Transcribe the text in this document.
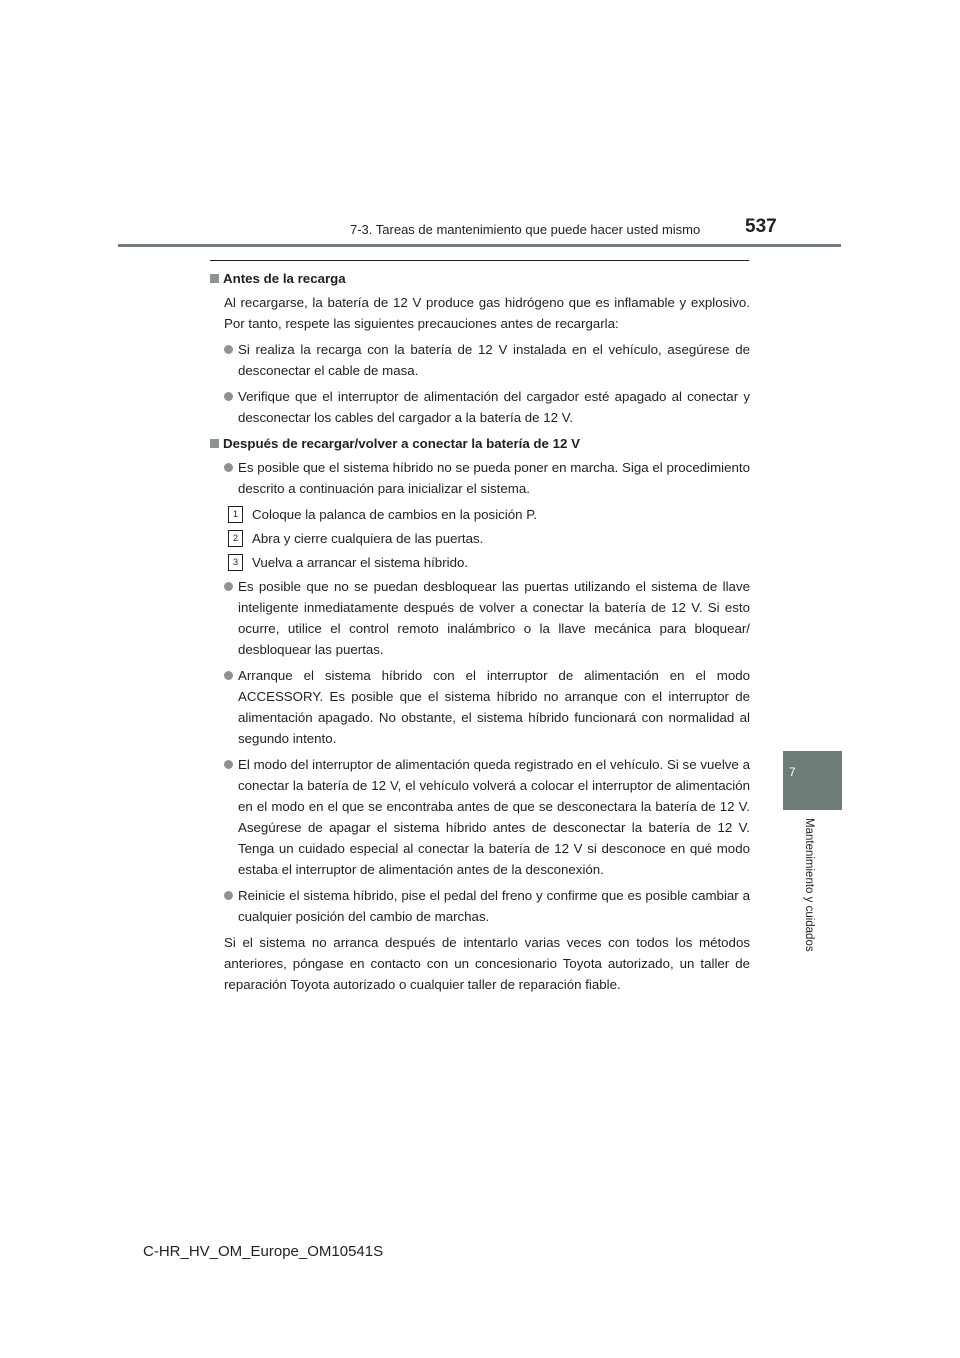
7-3. Tareas de mantenimiento que puede hacer usted mismo 537
7
Mantenimiento y cuidados
Antes de la recarga

Al recargarse, la batería de 12 V produce gas hidrógeno que es inflamable y explosivo. Por tanto, respete las siguientes precauciones antes de recargarla:

Si realiza la recarga con la batería de 12 V instalada en el vehículo, asegúrese de desconectar el cable de masa.
Verifique que el interruptor de alimentación del cargador esté apagado al conectar y desconectar los cables del cargador a la batería de 12 V.
Después de recargar/volver a conectar la batería de 12 V
Es posible que el sistema híbrido no se pueda poner en marcha. Siga el procedimiento descrito a continuación para inicializar el sistema.
1	Coloque la palanca de cambios en la posición P.
2	Abra y cierre cualquiera de las puertas.
3	Vuelva a arrancar el sistema híbrido.
Es posible que no se puedan desbloquear las puertas utilizando el sistema de llave inteligente inmediatamente después de volver a conectar la batería de 12 V. Si esto ocurre, utilice el control remoto inalámbrico o la llave mecánica para bloquear/ desbloquear las puertas.
Arranque el sistema híbrido con el interruptor de alimentación en el modo ACCESSORY. Es posible que el sistema híbrido no arranque con el interruptor de alimentación apagado. No obstante, el sistema híbrido funcionará con normalidad al segundo intento.
El modo del interruptor de alimentación queda registrado en el vehículo. Si se vuelve a conectar la batería de 12 V, el vehículo volverá a colocar el interruptor de alimentación en el modo en el que se encontraba antes de que se desconectara la batería de 12 V. Asegúrese de apagar el sistema híbrido antes de desconectar la batería de 12 V. Tenga un cuidado especial al conectar la batería de 12 V si desconoce en qué modo estaba el interruptor de alimentación antes de la desconexión.
Reinicie el sistema híbrido, pise el pedal del freno y confirme que es posible cambiar a cualquier posición del cambio de marchas.

Si el sistema no arranca después de intentarlo varias veces con todos los métodos anteriores, póngase en contacto con un concesionario Toyota autorizado, un taller de reparación Toyota autorizado o cualquier taller de reparación fiable.

C-HR_HV_OM_Europe_OM10541S
